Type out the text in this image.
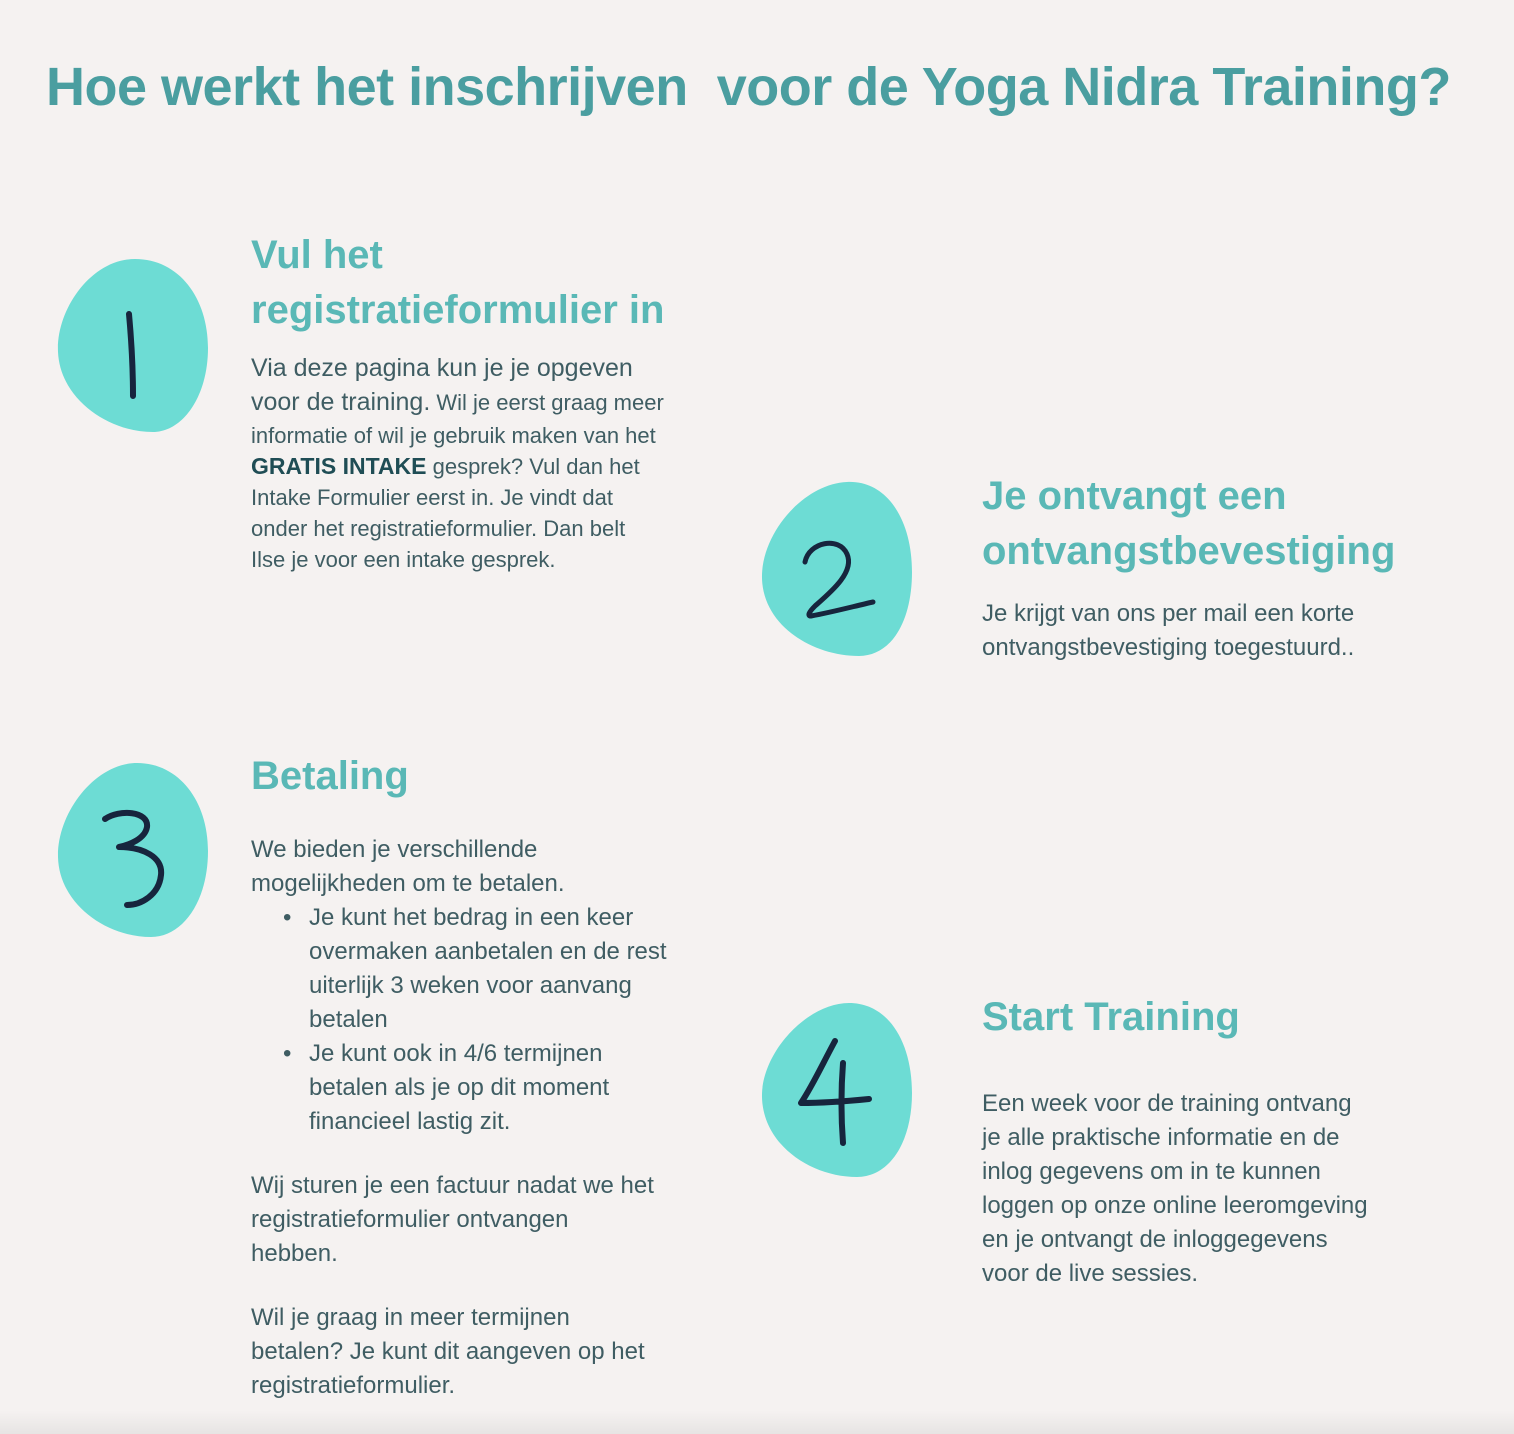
Hoe werkt het inschrijven  voor de Yoga Nidra Training?
Vul het
registratieformulier in
Via deze pagina kun je je opgeven
voor de training. Wil je eerst graag meer
informatie of wil je gebruik maken van het
GRATIS INTAKE gesprek? Vul dan het
Intake Formulier eerst in. Je vindt dat
onder het registratieformulier. Dan belt
Ilse je voor een intake gesprek.
Je ontvangt een
ontvangstbevestiging
Je krijgt van ons per mail een korte
ontvangstbevestiging toegestuurd..
Betaling
We bieden je verschillende
mogelijkheden om te betalen.
• Je kunt het bedrag in een keer
overmaken aanbetalen en de rest
uiterlijk 3 weken voor aanvang
betalen
• Je kunt ook in 4/6 termijnen
betalen als je op dit moment
financieel lastig zit.
Wij sturen je een factuur nadat we het
registratieformulier ontvangen
hebben.
Wil je graag in meer termijnen
betalen? Je kunt dit aangeven op het
registratieformulier.
Start Training
Een week voor de training ontvang
je alle praktische informatie en de
inlog gegevens om in te kunnen
loggen op onze online leeromgeving
en je ontvangt de inloggegevens
voor de live sessies.
